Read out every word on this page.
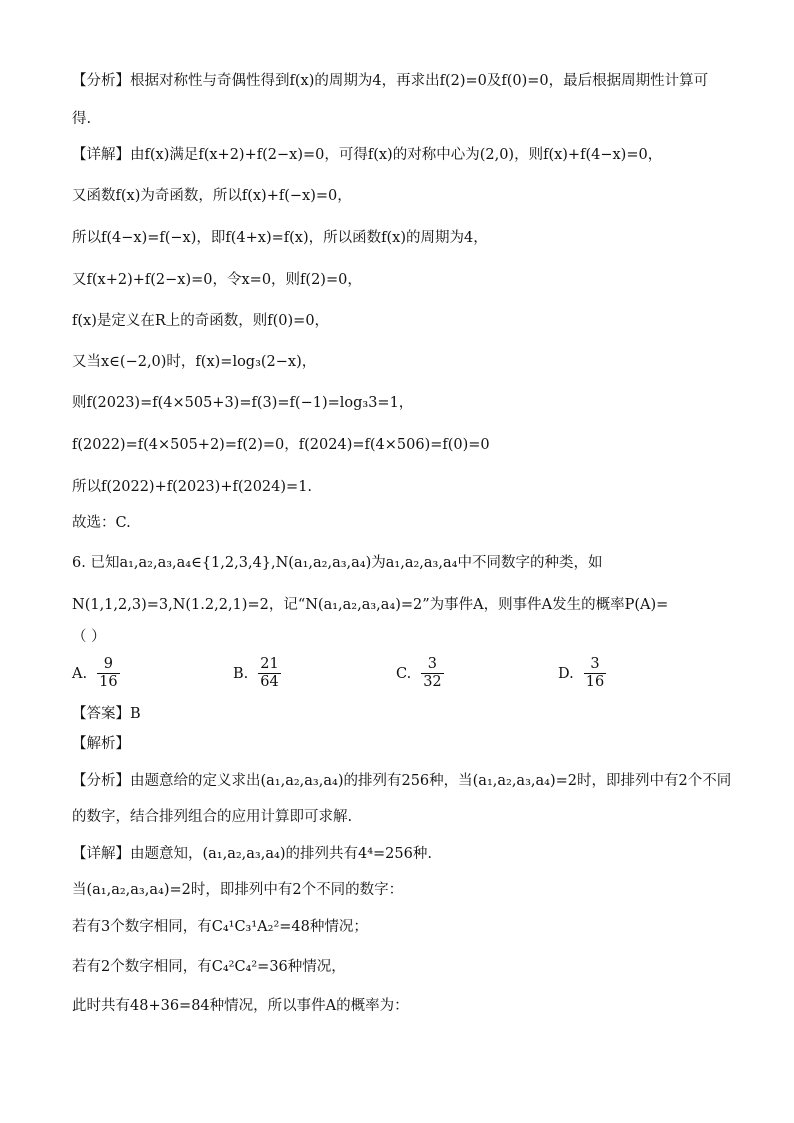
【分析】根据对称性与奇偶性得到f(x)的周期为4，再求出f(2)=0及f(0)=0，最后根据周期性计算可
得.
【详解】由f(x)满足f(x+2)+f(2−x)=0，可得f(x)的对称中心为(2,0)，则f(x)+f(4−x)=0，
又函数f(x)为奇函数，所以f(x)+f(−x)=0，
所以f(4−x)=f(−x)，即f(4+x)=f(x)，所以函数f(x)的周期为4，
又f(x+2)+f(2−x)=0，令x=0，则f(2)=0，
f(x)是定义在R上的奇函数，则f(0)=0，
又当x∈(−2,0)时，f(x)=log₃(2−x)，
则f(2023)=f(4×505+3)=f(3)=f(−1)=log₃3=1，
f(2022)=f(4×505+2)=f(2)=0，f(2024)=f(4×506)=f(0)=0
所以f(2022)+f(2023)+f(2024)=1.
故选：C.
6. 已知a₁,a₂,a₃,a₄∈{1,2,3,4},N(a₁,a₂,a₃,a₄)为a₁,a₂,a₃,a₄中不同数字的种类，如
N(1,1,2,3)=3,N(1.2,2,1)=2，记“N(a₁,a₂,a₃,a₄)=2”为事件A，则事件A发生的概率P(A)=
（ ）
A. $\frac{9}{16}$	B. $\frac{21}{64}$	C. $\frac{3}{32}$	D. $\frac{3}{16}$
【答案】B
【解析】
【分析】由题意给的定义求出(a₁,a₂,a₃,a₄)的排列有256种，当(a₁,a₂,a₃,a₄)=2时，即排列中有2个不同
的数字，结合排列组合的应用计算即可求解.
【详解】由题意知，(a₁,a₂,a₃,a₄)的排列共有4⁴=256种.
当(a₁,a₂,a₃,a₄)=2时，即排列中有2个不同的数字：
若有3个数字相同，有C₄¹C₃¹A₂²=48种情况；
若有2个数字相同，有C₄²C₄²=36种情况，
此时共有48+36=84种情况，所以事件A的概率为：
